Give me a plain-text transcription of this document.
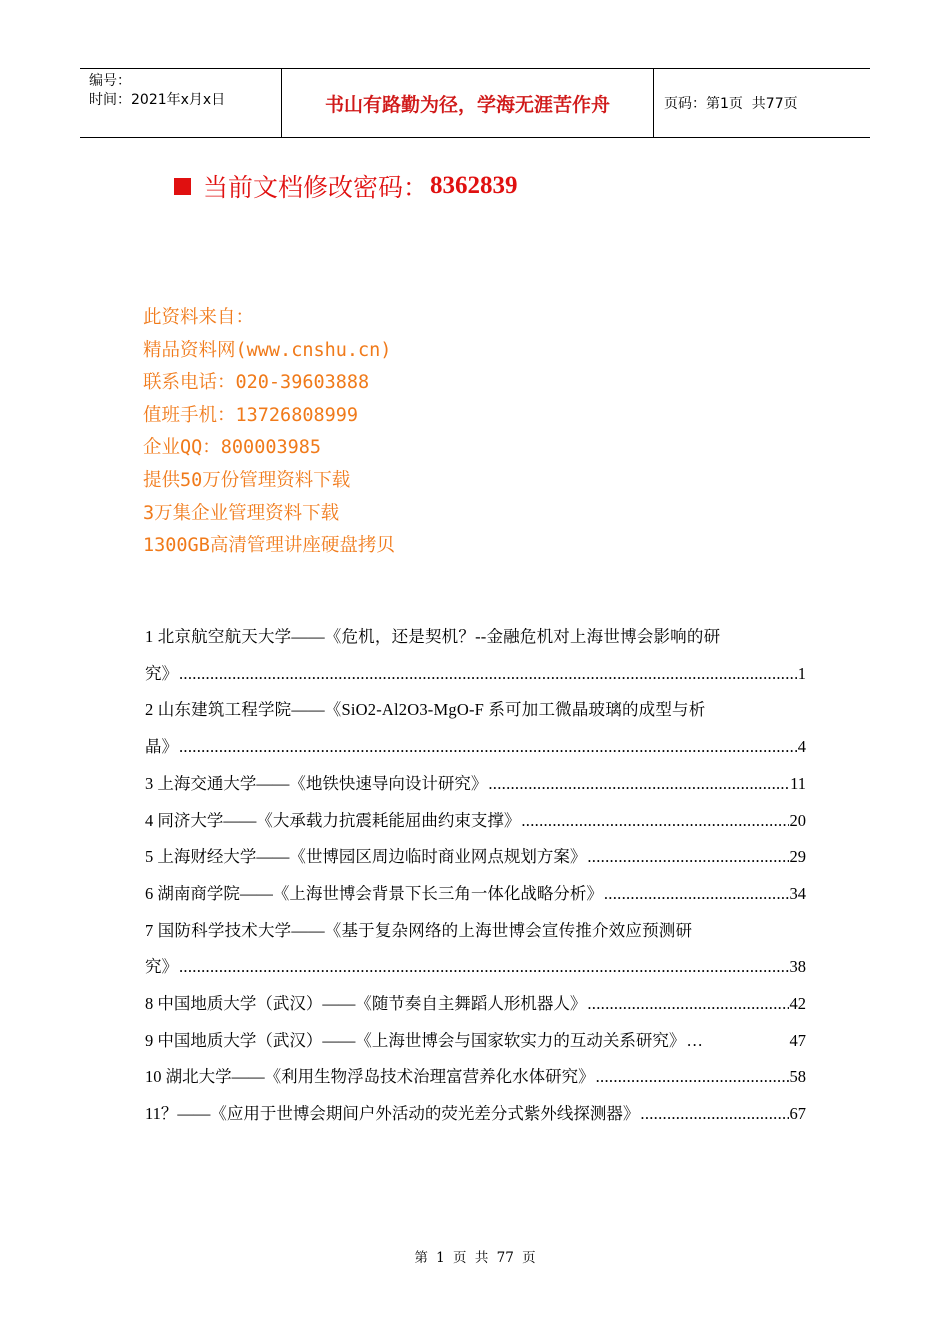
编号：
时间：2021年x月x日	书山有路勤为径，学海无涯苦作舟	页码：第1页  共77页
当前文档修改密码： 8362839
此资料来自：
精品资料网(www.cnshu.cn)
联系电话：020-39603888
值班手机：13726808999
企业QQ：800003985
提供50万份管理资料下载
3万集企业管理资料下载
1300GB高清管理讲座硬盘拷贝
1 北京航空航天大学——《危机，还是契机？--金融危机对上海世博会影响的研
究》 .....	1
2 山东建筑工程学院——《SiO2-Al2O3-MgO-F 系可加工微晶玻璃的成型与析
晶》 .....	4
3 上海交通大学——《地铁快速导向设计研究》 .....	11
4 同济大学——《大承载力抗震耗能屈曲约束支撑》 .....	20
5 上海财经大学——《世博园区周边临时商业网点规划方案》 .....	29
6 湖南商学院——《上海世博会背景下长三角一体化战略分析》 .....	34
7 国防科学技术大学——《基于复杂网络的上海世博会宣传推介效应预测研
究》 .....	38
8 中国地质大学（武汉）——《随节奏自主舞蹈人形机器人》 .....	42
9 中国地质大学（武汉）——《上海世博会与国家软实力的互动关系研究》 …	47
10 湖北大学——《利用生物浮岛技术治理富营养化水体研究》 .....	58
11？——《应用于世博会期间户外活动的荧光差分式紫外线探测器》 .....	67
第 1 页 共 77 页
